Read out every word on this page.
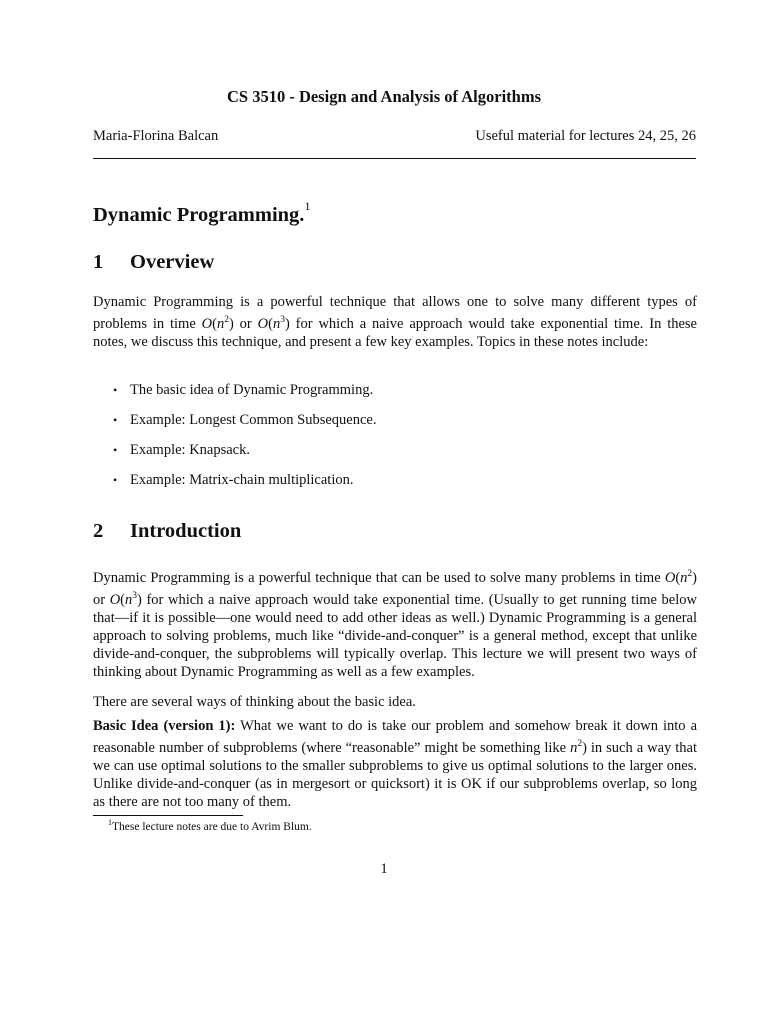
CS 3510 - Design and Analysis of Algorithms
Maria-Florina Balcan	Useful material for lectures 24, 25, 26
Dynamic Programming.$^1$
1 Overview

Dynamic Programming is a powerful technique that allows one to solve many different types of problems in time $O(n^2)$ or $O(n^3)$ for which a naive approach would take exponential time. In these notes, we discuss this technique, and present a few key examples. Topics in these notes include:

• The basic idea of Dynamic Programming.
• Example: Longest Common Subsequence.
• Example: Knapsack.
• Example: Matrix-chain multiplication.
2 Introduction

Dynamic Programming is a powerful technique that can be used to solve many problems in time $O(n^2)$ or $O(n^3)$ for which a naive approach would take exponential time. (Usually to get running time below that—if it is possible—one would need to add other ideas as well.) Dynamic Programming is a general approach to solving problems, much like “divide-and-conquer” is a general method, except that unlike divide-and-conquer, the subproblems will typically overlap. This lecture we will present two ways of thinking about Dynamic Programming as well as a few examples.

There are several ways of thinking about the basic idea.

Basic Idea (version 1): What we want to do is take our problem and somehow break it down into a reasonable number of subproblems (where “reasonable” might be something like $n^2$) in such a way that we can use optimal solutions to the smaller subproblems to give us optimal solutions to the larger ones. Unlike divide-and-conquer (as in mergesort or quicksort) it is OK if our subproblems overlap, so long as there are not too many of them.

$^1$These lecture notes are due to Avrim Blum.
1
